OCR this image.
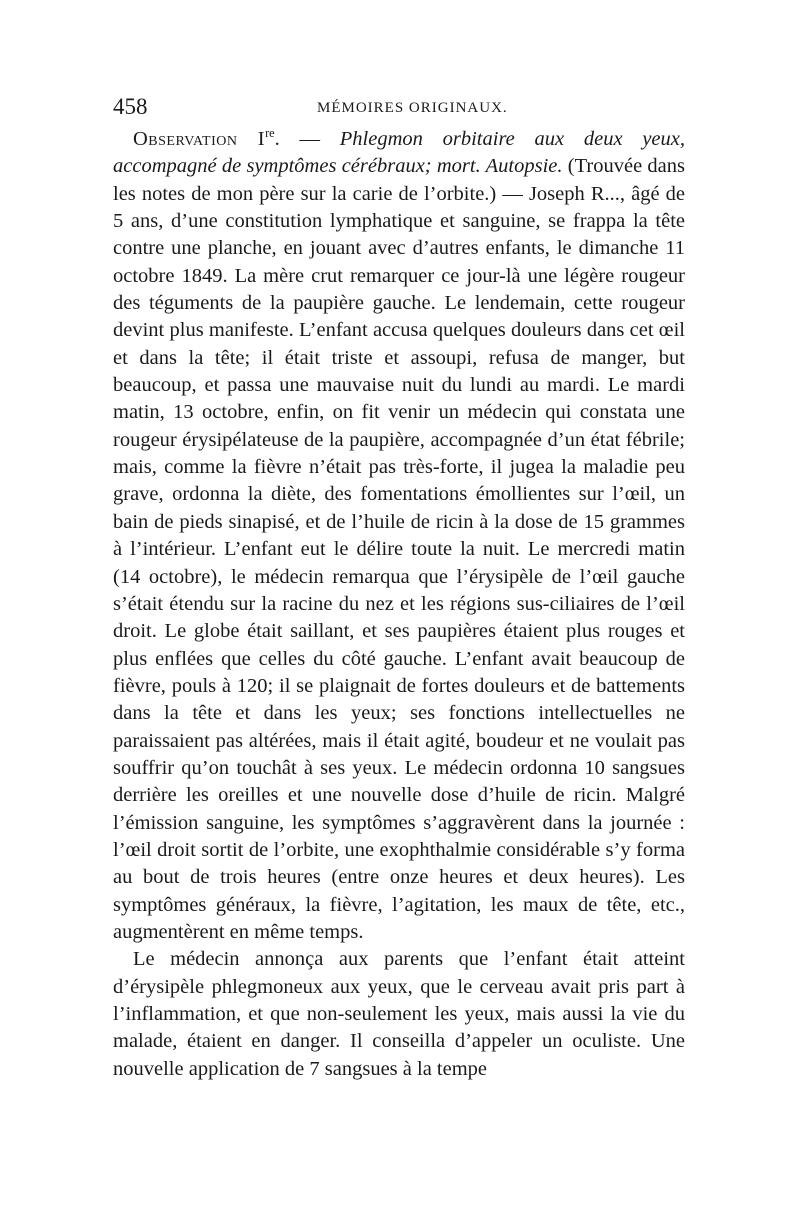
458	MÉMOIRES ORIGINAUX.

Observation Ire. — Phlegmon orbitaire aux deux yeux, accompagné de symptômes cérébraux; mort. Autopsie. (Trouvée dans les notes de mon père sur la carie de l’orbite.) — Joseph R..., âgé de 5 ans, d’une constitution lymphatique et sanguine, se frappa la tête contre une planche, en jouant avec d’autres enfants, le dimanche 11 octobre 1849. La mère crut remarquer ce jour-là une légère rougeur des téguments de la paupière gauche. Le lendemain, cette rougeur devint plus manifeste. L’enfant accusa quelques douleurs dans cet œil et dans la tête; il était triste et assoupi, refusa de manger, but beaucoup, et passa une mauvaise nuit du lundi au mardi. Le mardi matin, 13 octobre, enfin, on fit venir un médecin qui constata une rougeur érysipélateuse de la paupière, accompagnée d’un état fébrile; mais, comme la fièvre n’était pas très-forte, il jugea la maladie peu grave, ordonna la diète, des fomentations émollientes sur l’œil, un bain de pieds sinapisé, et de l’huile de ricin à la dose de 15 grammes à l’intérieur. L’enfant eut le délire toute la nuit. Le mercredi matin (14 octobre), le médecin remarqua que l’érysipèle de l’œil gauche s’était étendu sur la racine du nez et les régions sus-ciliaires de l’œil droit. Le globe était saillant, et ses paupières étaient plus rouges et plus enflées que celles du côté gauche. L’enfant avait beaucoup de fièvre, pouls à 120; il se plaignait de fortes douleurs et de battements dans la tête et dans les yeux; ses fonctions intellectuelles ne paraissaient pas altérées, mais il était agité, boudeur et ne voulait pas souffrir qu’on touchât à ses yeux. Le médecin ordonna 10 sangsues derrière les oreilles et une nouvelle dose d’huile de ricin. Malgré l’émission sanguine, les symptômes s’aggravèrent dans la journée : l’œil droit sortit de l’orbite, une exophthalmie considérable s’y forma au bout de trois heures (entre onze heures et deux heures). Les symptômes généraux, la fièvre, l’agitation, les maux de tête, etc., augmentèrent en même temps.

Le médecin annonça aux parents que l’enfant était atteint d’érysipèle phlegmoneux aux yeux, que le cerveau avait pris part à l’inflammation, et que non-seulement les yeux, mais aussi la vie du malade, étaient en danger. Il conseilla d’appeler un oculiste. Une nouvelle application de 7 sangsues à la tempe
